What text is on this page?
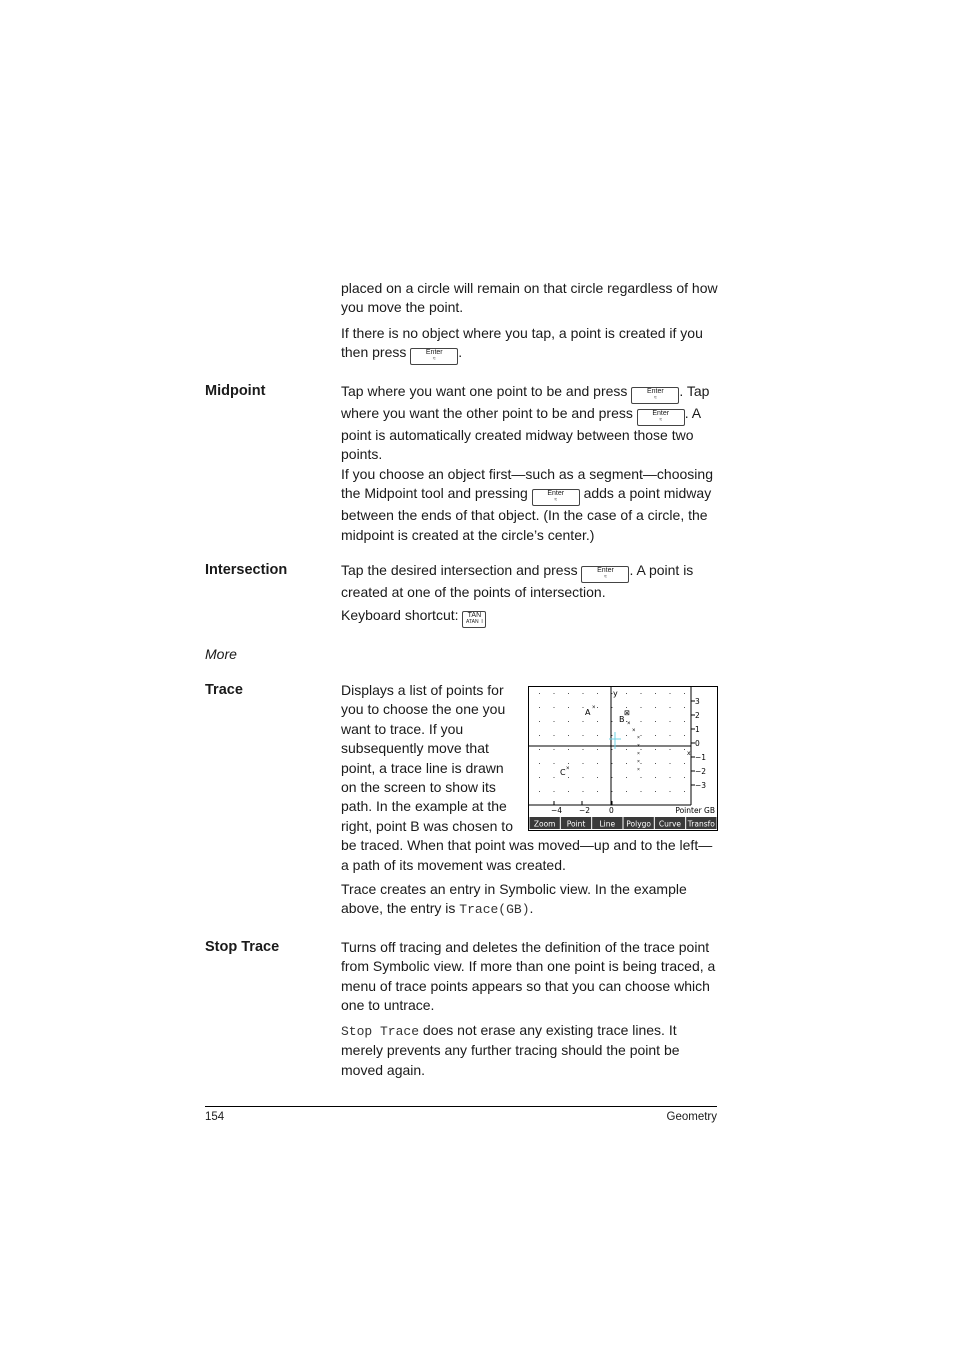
placed on a circle will remain on that circle regardless of how you move the point.
If there is no object where you tap, a point is created if you then press	Enter
≈	.
Midpoint	Tap where you want one point to be and press	Enter
≈	. Tap where you want the other point to be and press	Enter
≈	. A point is automatically created midway between those two points.
If you choose an object first—such as a segment—choosing the Midpoint tool and pressing	Enter
≈	adds a point midway between the ends of that object. (In the case of a circle, the midpoint is created at the circle’s center.)
Intersection	Tap the desired intersection and press	Enter
≈	. A point is created at one of the points of intersection.
Keyboard shortcut: TAN
ATAN I
More
Trace	Displays a list of points for you to choose the one you want to trace. If you subsequently move that point, a trace line is drawn on the screen to show its path. In the example at the right, point B was chosen to be traced. When that point was moved—up and to the left—a path of its movement was created.
Trace creates an entry in Symbolic view. In the example above, the entry is Trace(GB).
3
2
1
0
−1
−2
−3
−4 −2	0
y
x
⊠
×
×
×
×
×
×
×
A ×
B
C ×
Pointer GB
Zoom Point Line Polygo Curve Transfo
Stop Trace	Turns off tracing and deletes the definition of the trace point from Symbolic view. If more than one point is being traced, a menu of trace points appears so that you can choose which one to untrace.
Stop Trace does not erase any existing trace lines. It merely prevents any further tracing should the point be moved again.
154	Geometry
